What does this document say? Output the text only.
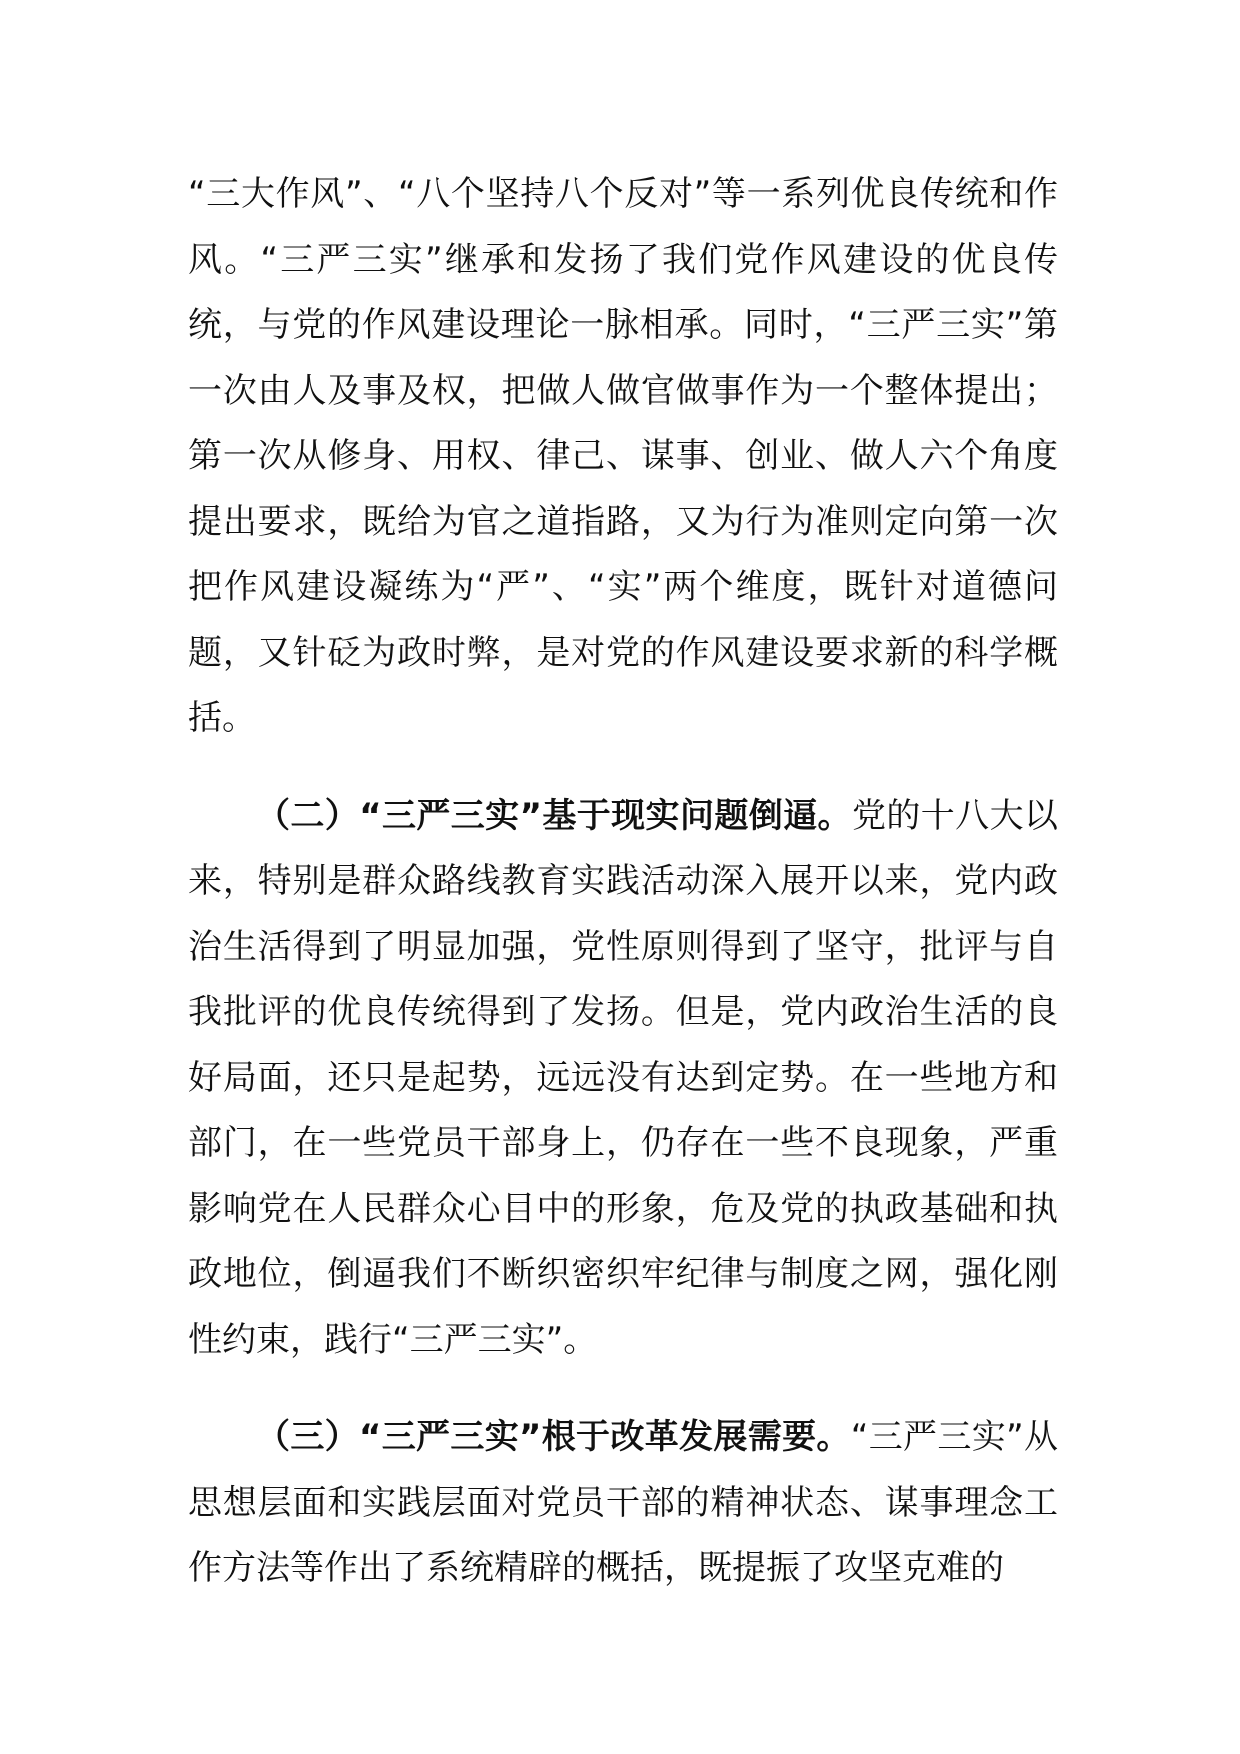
“三大作风”、“八个坚持八个反对”等一系列优良传统和作风。“三严三实”继承和发扬了我们党作风建设的优良传统，与党的作风建设理论一脉相承。同时，“三严三实”第一次由人及事及权，把做人做官做事作为一个整体提出；第一次从修身、用权、律己、谋事、创业、做人六个角度提出要求，既给为官之道指路，又为行为准则定向第一次把作风建设凝练为“严”、“实”两个维度，既针对道德问题，又针砭为政时弊，是对党的作风建设要求新的科学概括。

（二）“三严三实”基于现实问题倒逼。党的十八大以来，特别是群众路线教育实践活动深入展开以来，党内政治生活得到了明显加强，党性原则得到了坚守，批评与自我批评的优良传统得到了发扬。但是，党内政治生活的良好局面，还只是起势，远远没有达到定势。在一些地方和部门，在一些党员干部身上，仍存在一些不良现象，严重影响党在人民群众心目中的形象，危及党的执政基础和执政地位，倒逼我们不断织密织牢纪律与制度之网，强化刚性约束，践行“三严三实”。

（三）“三严三实”根于改革发展需要。“三严三实”从思想层面和实践层面对党员干部的精神状态、谋事理念工作方法等作出了系统精辟的概括，既提振了攻坚克难的
